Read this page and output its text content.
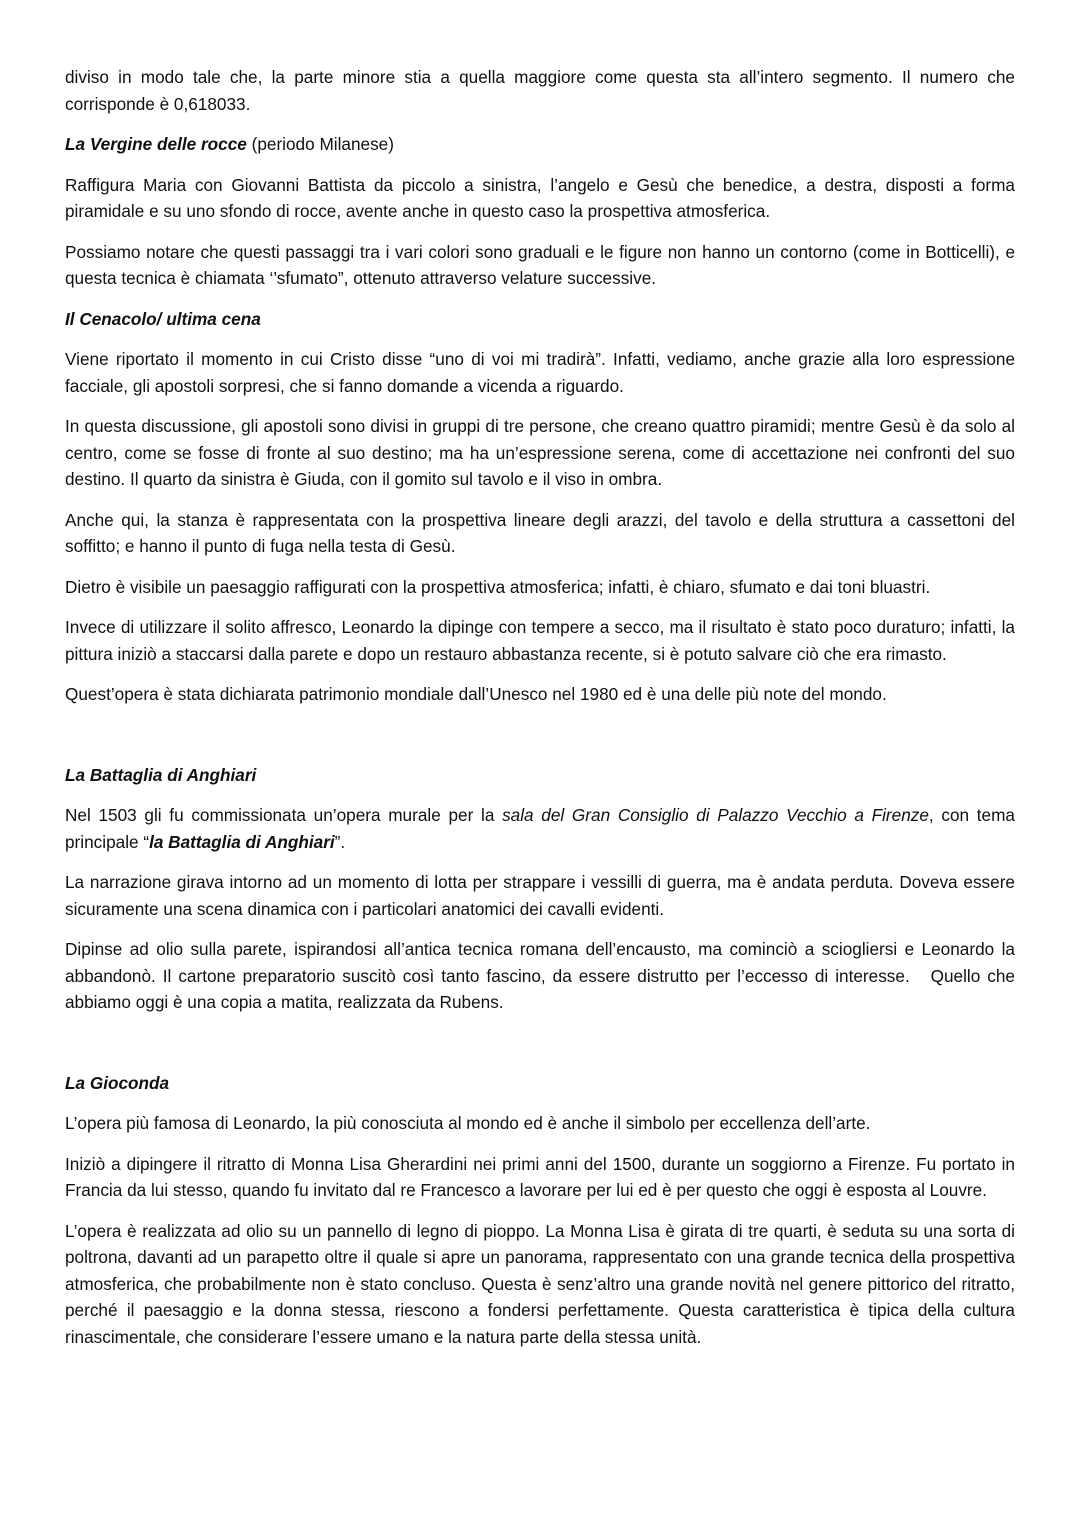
diviso in modo tale che, la parte minore stia a quella maggiore come questa sta all’intero segmento. Il numero che corrisponde è 0,618033.

La Vergine delle rocce (periodo Milanese)

Raffigura Maria con Giovanni Battista da piccolo a sinistra, l’angelo e Gesù che benedice, a destra, disposti a forma piramidale e su uno sfondo di rocce, avente anche in questo caso la prospettiva atmosferica.

Possiamo notare che questi passaggi tra i vari colori sono graduali e le figure non hanno un contorno (come in Botticelli), e questa tecnica è chiamata ‘’sfumato”, ottenuto attraverso velature successive.

Il Cenacolo/ ultima cena

Viene riportato il momento in cui Cristo disse “uno di voi mi tradirà”. Infatti, vediamo, anche grazie alla loro espressione facciale, gli apostoli sorpresi, che si fanno domande a vicenda a riguardo.

In questa discussione, gli apostoli sono divisi in gruppi di tre persone, che creano quattro piramidi; mentre Gesù è da solo al centro, come se fosse di fronte al suo destino; ma ha un’espressione serena, come di accettazione nei confronti del suo destino. Il quarto da sinistra è Giuda, con il gomito sul tavolo e il viso in ombra.

Anche qui, la stanza è rappresentata con la prospettiva lineare degli arazzi, del tavolo e della struttura a cassettoni del soffitto; e hanno il punto di fuga nella testa di Gesù.

Dietro è visibile un paesaggio raffigurati con la prospettiva atmosferica; infatti, è chiaro, sfumato e dai toni bluastri.

Invece di utilizzare il solito affresco, Leonardo la dipinge con tempere a secco, ma il risultato è stato poco duraturo; infatti, la pittura iniziò a staccarsi dalla parete e dopo un restauro abbastanza recente, si è potuto salvare ciò che era rimasto.

Quest’opera è stata dichiarata patrimonio mondiale dall’Unesco nel 1980 ed è una delle più note del mondo.

La Battaglia di Anghiari

Nel 1503 gli fu commissionata un’opera murale per la sala del Gran Consiglio di Palazzo Vecchio a Firenze, con tema principale “la Battaglia di Anghiari”.

La narrazione girava intorno ad un momento di lotta per strappare i vessilli di guerra, ma è andata perduta. Doveva essere sicuramente una scena dinamica con i particolari anatomici dei cavalli evidenti.

Dipinse ad olio sulla parete, ispirandosi all’antica tecnica romana dell’encausto, ma cominciò a sciogliersi e Leonardo la abbandonò. Il cartone preparatorio suscitò così tanto fascino, da essere distrutto per l’eccesso di interesse.   Quello che abbiamo oggi è una copia a matita, realizzata da Rubens.

La Gioconda

L’opera più famosa di Leonardo, la più conosciuta al mondo ed è anche il simbolo per eccellenza dell’arte.

Iniziò a dipingere il ritratto di Monna Lisa Gherardini nei primi anni del 1500, durante un soggiorno a Firenze. Fu portato in Francia da lui stesso, quando fu invitato dal re Francesco a lavorare per lui ed è per questo che oggi è esposta al Louvre.

L’opera è realizzata ad olio su un pannello di legno di pioppo. La Monna Lisa è girata di tre quarti, è seduta su una sorta di poltrona, davanti ad un parapetto oltre il quale si apre un panorama, rappresentato con una grande tecnica della prospettiva atmosferica, che probabilmente non è stato concluso. Questa è senz’altro una grande novità nel genere pittorico del ritratto, perché il paesaggio e la donna stessa, riescono a fondersi perfettamente. Questa caratteristica è tipica della cultura rinascimentale, che considerare l’essere umano e la natura parte della stessa unità.
